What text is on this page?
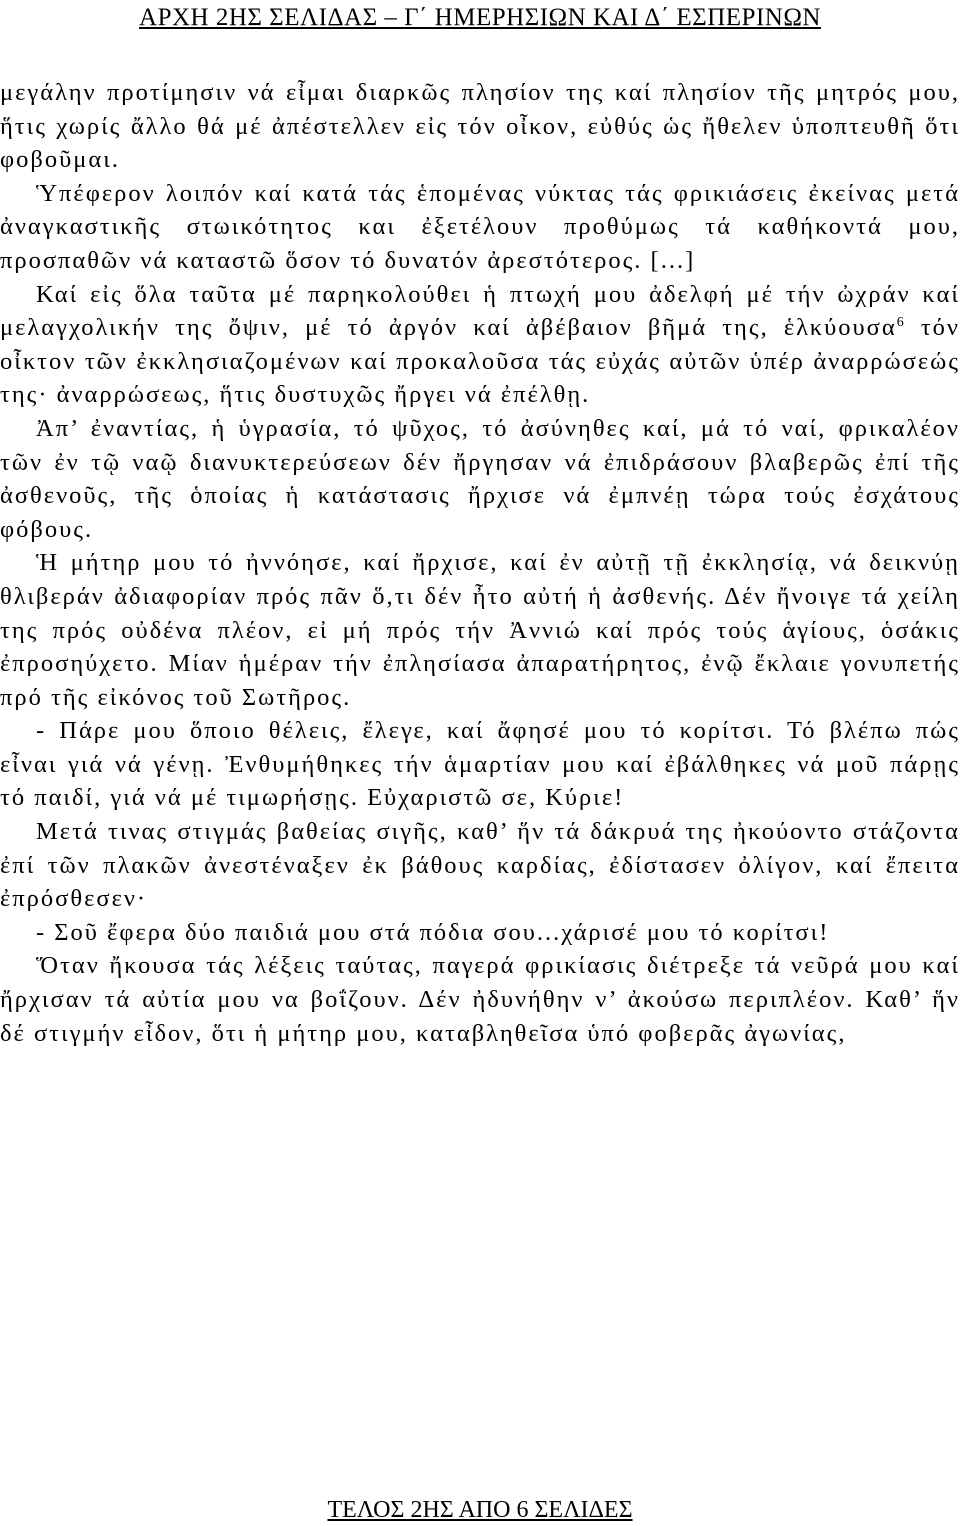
ΑΡΧΗ 2ΗΣ ΣΕΛΙΔΑΣ – Γ΄ ΗΜΕΡΗΣΙΩΝ ΚΑΙ Δ΄ ΕΣΠΕΡΙΝΩΝ

μεγάλην προτίμησιν νά εἶμαι διαρκῶς πλησίον της καί πλησίον τῆς μητρός μου, ἥτις χωρίς ἄλλο θά μέ ἀπέστελλεν εἰς τόν οἶκον, εὐθύς ὡς ἤθελεν ὑποπτευθῆ ὅτι φοβοῦμαι.

Ὑπέφερον λοιπόν καί κατά τάς ἑπομένας νύκτας τάς φρικιάσεις ἐκείνας μετά ἀναγκαστικῆς στωικότητος και ἐξετέλουν προθύμως τά καθήκοντά μου, προσπαθῶν νά καταστῶ ὅσον τό δυνατόν ἀρεστότερος. [...]

Καί εἰς ὅλα ταῦτα μέ παρηκολούθει ἡ πτωχή μου ἀδελφή μέ τήν ὠχράν καί μελαγχολικήν της ὄψιν, μέ τό ἀργόν καί ἀβέβαιον βῆμά της, ἑλκύουσα$^6$ τόν οἶκτον τῶν ἐκκλησιαζομένων καί προκαλοῦσα τάς εὐχάς αὐτῶν ὑπέρ ἀναρρώσεώς της· ἀναρρώσεως, ἥτις δυστυχῶς ἤργει νά ἐπέλθῃ.

Ἀπ’ ἐναντίας, ἡ ὑγρασία, τό ψῦχος, τό ἀσύνηθες καί, μά τό ναί, φρικαλέον τῶν ἐν τῷ ναῷ διανυκτερεύσεων δέν ἤργησαν νά ἐπιδράσουν βλαβερῶς ἐπί τῆς ἀσθενοῦς, τῆς ὁποίας ἡ κατάστασις ἤρχισε νά ἐμπνέῃ τώρα τούς ἐσχάτους φόβους.

Ἡ μήτηρ μου τό ἠννόησε, καί ἤρχισε, καί ἐν αὐτῇ τῇ ἐκκλησίᾳ, νά δεικνύῃ θλιβεράν ἀδιαφορίαν πρός πᾶν ὅ,τι δέν ἦτο αὐτή ἡ ἀσθενής. Δέν ἤνοιγε τά χείλη της πρός οὐδένα πλέον, εἰ μή πρός τήν Ἀννιώ καί πρός τούς ἁγίους, ὁσάκις ἐπροσηύχετο. Μίαν ἡμέραν τήν ἐπλησίασα ἀπαρατήρητος, ἐνῷ ἔκλαιε γονυπετής πρό τῆς εἰκόνος τοῦ Σωτῆρος.

- Πάρε μου ὅποιο θέλεις, ἔλεγε, καί ἄφησέ μου τό κορίτσι. Τό βλέπω πώς εἶναι γιά νά γένῃ. Ἐνθυμήθηκες τήν ἁμαρτίαν μου καί ἐβάλθηκες νά μοῦ πάρῃς τό παιδί, γιά νά μέ τιμωρήσῃς. Εὐχαριστῶ σε, Κύριε!

Μετά τινας στιγμάς βαθείας σιγῆς, καθ’ ἥν τά δάκρυά της ἠκούοντο στάζοντα ἐπί τῶν πλακῶν ἀνεστέναξεν ἐκ βάθους καρδίας, ἐδίστασεν ὀλίγον, καί ἔπειτα ἐπρόσθεσεν·

- Σοῦ ἔφερα δύο παιδιά μου στά πόδια σου...χάρισέ μου τό κορίτσι!

Ὅταν ἤκουσα τάς λέξεις ταύτας, παγερά φρικίασις διέτρεξε τά νεῦρά μου καί ἤρχισαν τά αὐτία μου να βοΐζουν. Δέν ἠδυνήθην ν’ ἀκούσω περιπλέον. Καθ’ ἥν δέ στιγμήν εἶδον, ὅτι ἡ μήτηρ μου, καταβληθεῖσα ὑπό φοβερᾶς ἀγωνίας,

ΤΕΛΟΣ 2ΗΣ ΑΠΟ 6 ΣΕΛΙΔΕΣ
